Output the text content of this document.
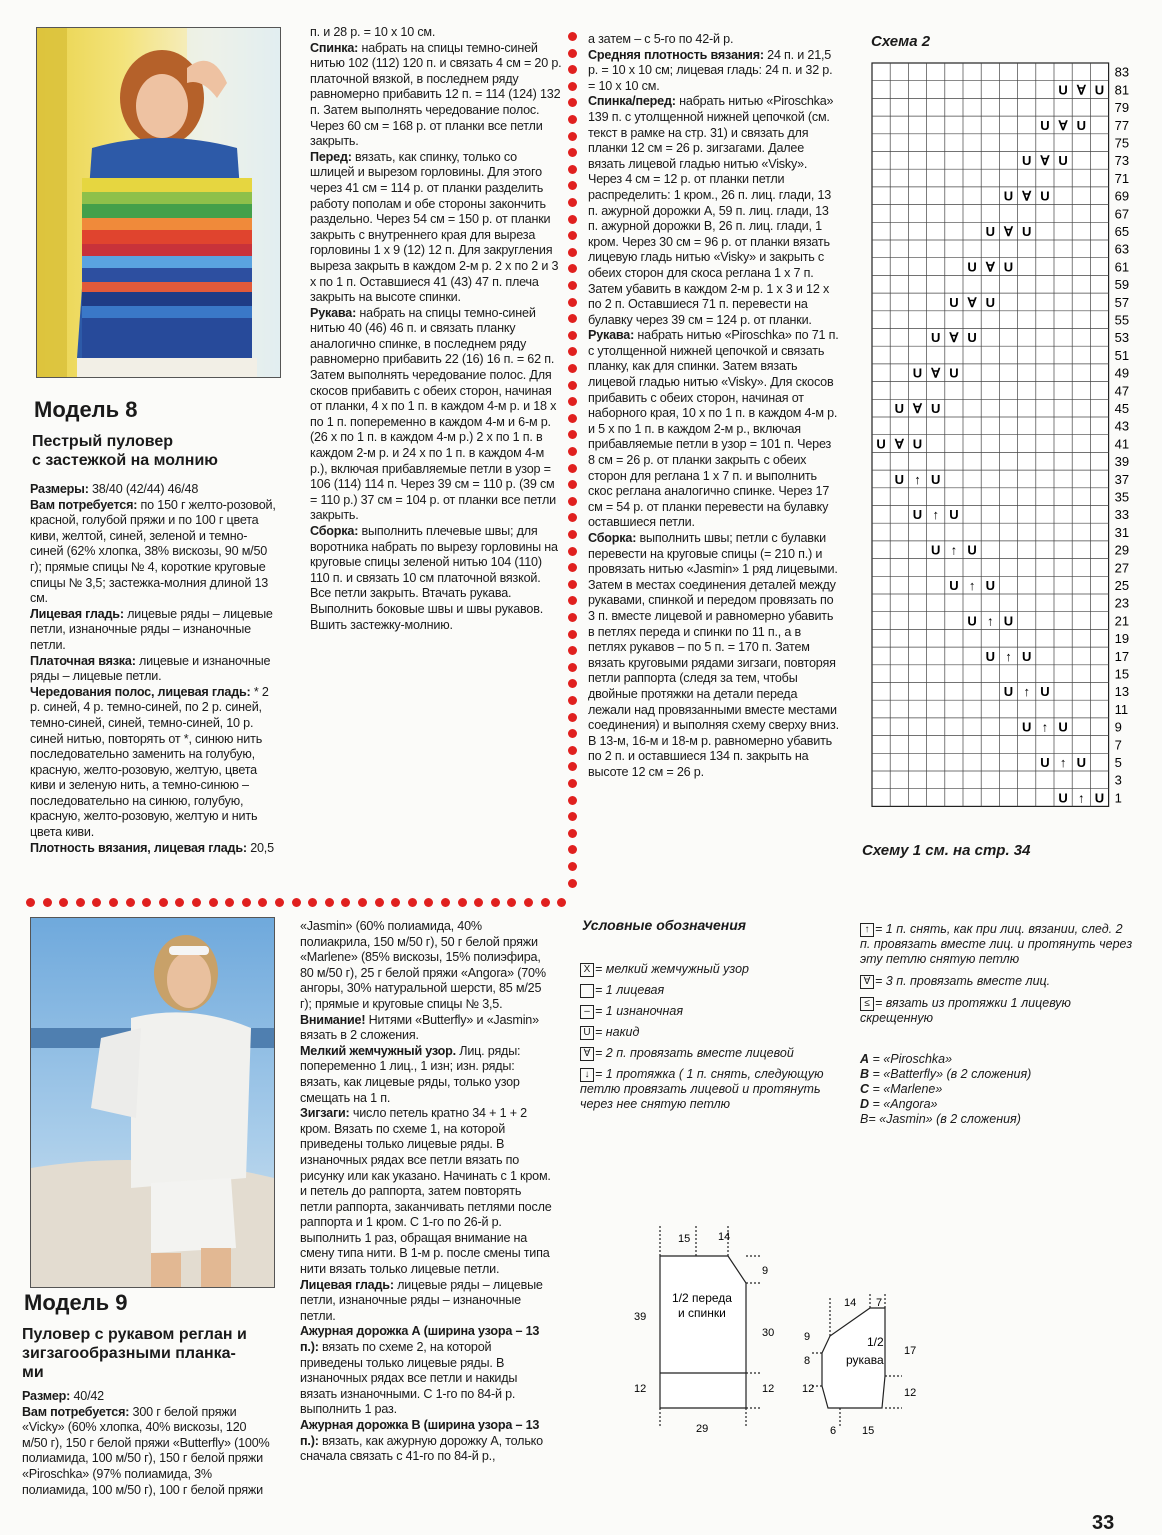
Модель 8
Пестрый пуловер
с застежкой на молнию

Размеры: 38/40 (42/44) 46/48

Вам потребуется: по 150 г желто-розовой, красной, голубой пряжи и по 100 г цвета киви, желтой, синей, зеленой и темно-синей (62% хлопка, 38% вискозы, 90 м/50 г); прямые спицы № 4, короткие круговые спицы № 3,5; застежка-молния длиной 13 см.

Лицевая гладь: лицевые ряды – лицевые петли, изнаночные ряды – изнаночные петли.

Платочная вязка: лицевые и изнаночные ряды – лицевые петли.

Чередования полос, лицевая гладь: * 2 р. синей, 4 р. темно-синей, по 2 р. синей, темно-синей, синей, темно-синей, 10 р. синей нитью, повторять от *, синюю нить последовательно заменить на голубую, красную, желто-розовую, желтую, цвета киви и зеленую нить, а темно-синюю – последовательно на синюю, голубую, красную, желто-розовую, желтую и нить цвета киви.

Плотность вязания, лицевая гладь: 20,5

п. и 28 р. = 10 х 10 см.

Спинка: набрать на спицы темно-синей нитью 102 (112) 120 п. и связать 4 см = 20 р. платочной вязкой, в последнем ряду равномерно прибавить 12 п. = 114 (124) 132 п. Затем выполнять чередование полос. Через 60 см = 168 р. от планки все петли закрыть.

Перед: вязать, как спинку, только со шлицей и вырезом горловины. Для этого через 41 см = 114 р. от планки разделить работу пополам и обе стороны закончить раздельно. Через 54 см = 150 р. от планки закрыть с внутреннего края для выреза горловины 1 х 9 (12) 12 п. Для закругления выреза закрыть в каждом 2-м р. 2 х по 2 и 3 х по 1 п. Оставшиеся 41 (43) 47 п. плеча закрыть на высоте спинки.

Рукава: набрать на спицы темно-синей нитью 40 (46) 46 п. и связать планку аналогично спинке, в последнем ряду равномерно прибавить 22 (16) 16 п. = 62 п. Затем выполнять чередование полос. Для скосов прибавить с обеих сторон, начиная от планки, 4 х по 1 п. в каждом 4-м р. и 18 х по 1 п. попеременно в каждом 4-м и 6-м р. (26 х по 1 п. в каждом 4-м р.) 2 х по 1 п. в каждом 2-м р. и 24 х по 1 п. в каждом 4-м р.), включая прибавляемые петли в узор = 106 (114) 114 п. Через 39 см = 110 р. (39 см = 110 р.) 37 см = 104 р. от планки все петли закрыть.

Сборка: выполнить плечевые швы; для воротника набрать по вырезу горловины на круговые спицы зеленой нитью 104 (110) 110 п. и связать 10 см платочной вязкой. Все петли закрыть. Втачать рукава. Выполнить боковые швы и швы рукавов. Вшить застежку-молнию.

а затем – с 5-го по 42-й р.

Средняя плотность вязания: 24 п. и 21,5 р. = 10 х 10 см; лицевая гладь: 24 п. и 32 р. = 10 х 10 см.

Спинка/перед: набрать нитью «Piroschka» 139 п. с утолщенной нижней цепочкой (см. текст в рамке на стр. 31) и связать для планки 12 см = 26 р. зигзагами. Далее вязать лицевой гладью нитью «Visky». Через 4 см = 12 р. от планки петли распределить: 1 кром., 26 п. лиц. глади, 13 п. ажурной дорожки А, 59 п. лиц. глади, 13 п. ажурной дорожки В, 26 п. лиц. глади, 1 кром. Через 30 см = 96 р. от планки вязать лицевую гладь нитью «Visky» и закрыть с обеих сторон для скоса реглана 1 х 7 п. Затем убавить в каждом 2-м р. 1 х 3 и 12 х по 2 п. Оставшиеся 71 п. перевести на булавку через 39 см = 124 р. от планки.

Рукава: набрать нитью «Piroschka» по 71 п. с утолщенной нижней цепочкой и связать планку, как для спинки. Затем вязать лицевой гладью нитью «Visky». Для скосов прибавить с обеих сторон, начиная от наборного края, 10 х по 1 п. в каждом 4-м р. и 5 х по 1 п. в каждом 2-м р., включая прибавляемые петли в узор = 101 п. Через 8 см = 26 р. от планки закрыть с обеих сторон для реглана 1 х 7 п. и выполнить скос реглана аналогично спинке. Через 17 см = 54 р. от планки перевести на булавку оставшиеся петли.

Сборка: выполнить швы; петли с булавки перевести на круговые спицы (= 210 п.) и провязать нитью «Jasmin» 1 ряд лицевыми. Затем в местах соединения деталей между рукавами, спинкой и передом провязать по 3 п. вместе лицевой и равномерно убавить в петлях переда и спинки по 11 п., а в петлях рукавов – по 5 п. = 170 п. Затем вязать круговыми рядами зигзаги, повторяя петли раппорта (следя за тем, чтобы двойные протяжки на детали переда лежали над провязанными вместе местами соединения) и выполняя схему сверху вниз. В 13-м, 16-м и 18-м р. равномерно убавить по 2 п. и оставшиеся 134 п. закрыть на высоте 12 см = 26 р.

Схема 2
83
81
79
77
75
73
71
69
67
65
63
61
59
57
55
53
51
49
47
45
43
41
39
37
35
33
31
29
27
25
23
21
19
17
15
13
11
9
7
5
3
1
U ∀ U
U ∀ U
U ∀ U
U ∀ U
U ∀ U
U ∀ U
U ∀ U
U ∀ U
U ∀ U
U ∀ U
U ∀ U
U ↑ U
U ↑ U
U ↑ U
U ↑ U
U ↑ U
U ↑ U
U ↑ U
U ↑ U
U ↑ U
U ↑ U
Схему 1 см. на стр. 34
Модель 9
Пуловер с рукавом реглан и
зигзагообразными планка-
ми

Размер: 40/42

Вам потребуется: 300 г белой пряжи «Vicky» (60% хлопка, 40% вискозы, 120 м/50 г), 150 г белой пряжи «Butterfly» (100% полиамида, 100 м/50 г), 150 г белой пряжи «Piroschka» (97% полиамида, 3% полиамида, 100 м/50 г), 100 г белой пряжи

«Jasmin» (60% полиамида, 40% полиакрила, 150 м/50 г), 50 г белой пряжи «Marlene» (85% вискозы, 15% полиэфира, 80 м/50 г), 25 г белой пряжи «Angora» (70% ангоры, 30% натуральной шерсти, 85 м/25 г); прямые и круговые спицы № 3,5.

Внимание! Нитями «Butterfly» и «Jasmin» вязать в 2 сложения.

Мелкий жемчужный узор. Лиц. ряды: попеременно 1 лиц., 1 изн; изн. ряды: вязать, как лицевые ряды, только узор смещать на 1 п.

Зигзаги: число петель кратно 34 + 1 + 2 кром. Вязать по схеме 1, на которой приведены только лицевые ряды. В изнаночных рядах все петли вязать по рисунку или как указано. Начинать с 1 кром. и петель до раппорта, затем повторять петли раппорта, заканчивать петлями после раппорта и 1 кром. С 1-го по 26-й р. выполнить 1 раз, обращая внимание на смену типа нити. В 1-м р. после смены типа нити вязать только лицевые петли.

Лицевая гладь: лицевые ряды – лицевые петли, изнаночные ряды – изнаночные петли.

Ажурная дорожка А (ширина узора – 13 п.): вязать по схеме 2, на которой приведены только лицевые ряды. В изнаночных рядах все петли и накиды вязать изнаночными. С 1-го по 84-й р. выполнить 1 раз.

Ажурная дорожка В (ширина узора – 13 п.): вязать, как ажурную дорожку А, только сначала связать с 41-го по 84-й р.,

Условные обозначения
X = мелкий жемчужный узор
= 1 лицевая
– = 1 изнаночная
U = накид
∀ = 2 п. провязать вместе лицевой
↓ = 1 протяжка ( 1 п. снять, следующую петлю провязать лицевой и протянуть через нее снятую петлю
↑ = 1 п. снять, как при лиц. вязании, след. 2 п. провязать вместе лиц. и протянуть через эту петлю снятую петлю
∀ = 3 п. провязать вместе лиц.
≤ = вязать из протяжки 1 лицевую скрещенную
A = «Piroschka»
B = «Batterfly» (в 2 сложения)
C = «Marlene»
D = «Angora»
B= «Jasmin» (в 2 сложения)
1/2 переда
и спинки
15	14
9
39
30
12	12
29
1/2
рукава
14 7
9
8
12
17
12
6 15
33
